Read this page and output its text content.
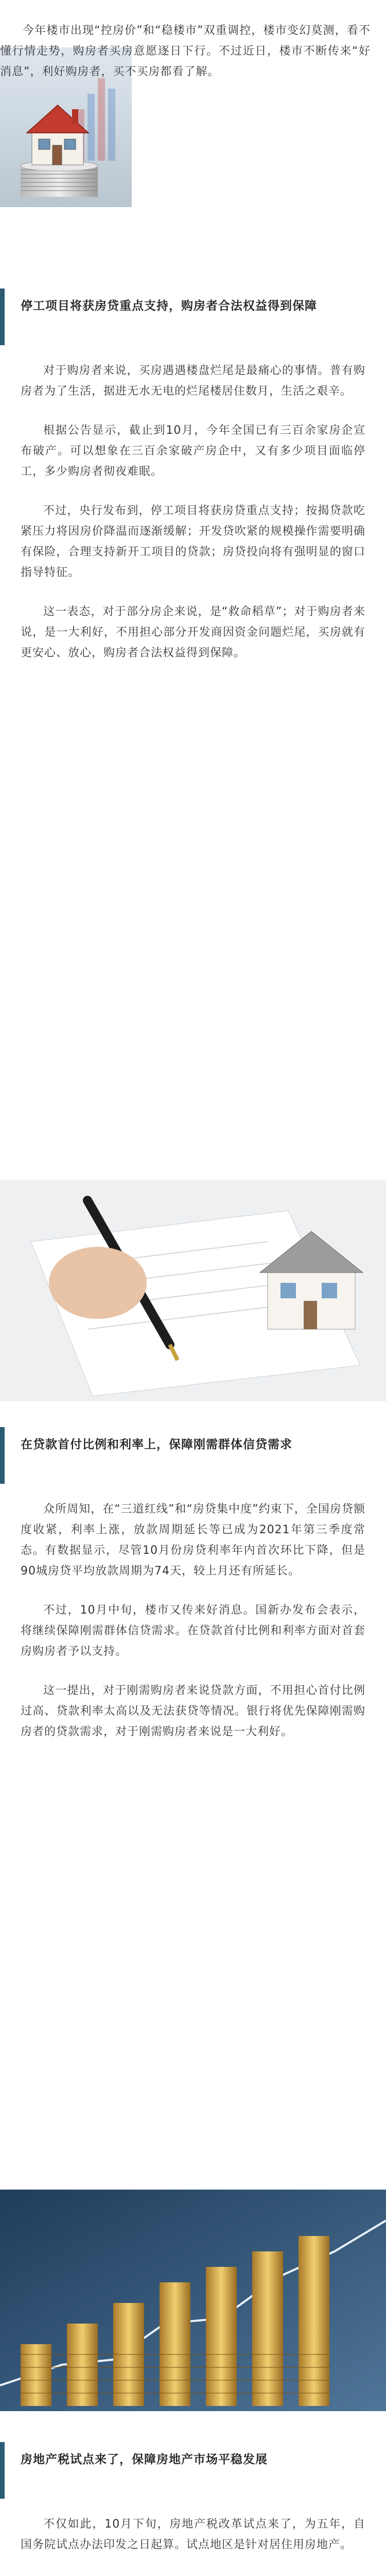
今年楼市出现“控房价”和“稳楼市”双重调控，楼市变幻莫测，看不懂行情走势，购房者买房意愿逐日下行。不过近日，楼市不断传来“好消息”，利好购房者，买不买房都看了解。

停工项目将获房贷重点支持，购房者合法权益得到保障

对于购房者来说，买房遇遇楼盘烂尾是最痛心的事情。普有购房者为了生活，据进无水无电的烂尾楼居住数月，生活之艰辛。

根据公告显示，截止到10月，今年全国已有三百余家房企宣布破产。可以想象在三百余家破产房企中，又有多少项目面临停工，多少购房者彻夜难眠。

不过，央行发布到，停工项目将获房贷重点支持；按揭贷款吃紧压力将因房价降温而逐渐缓解；开发贷吹紧的规模操作需要明确有保险，合理支持新开工项目的贷款；房贷投向将有强明显的窗口指导特征。

这一表态，对于部分房企来说，是“救命稻草”；对于购房者来说，是一大利好，不用担心部分开发商因资金问题烂尾，买房就有更安心、放心，购房者合法权益得到保障。

在贷款首付比例和利率上，保障刚需群体信贷需求

众所周知，在“三道红线”和“房贷集中度”约束下，全国房贷额度收紧，利率上涨，放款周期延长等已成为2021年第三季度常态。有数据显示，尽管10月份房贷利率年内首次环比下降，但是90城房贷平均放款周期为74天，较上月还有所延长。

不过，10月中旬，楼市又传来好消息。国新办发布会表示，将继续保障刚需群体信贷需求。在贷款首付比例和利率方面对首套房购房者予以支持。

这一提出，对于刚需购房者来说贷款方面，不用担心首付比例过高、贷款利率太高以及无法获贷等情况。银行将优先保障刚需购房者的贷款需求，对于刚需购房者来说是一大利好。

房地产税试点来了，保障房地产市场平稳发展

不仅如此，10月下旬，房地产税改革试点来了，为五年，自国务院试点办法印发之日起算。试点地区是针对居住用房地产。
